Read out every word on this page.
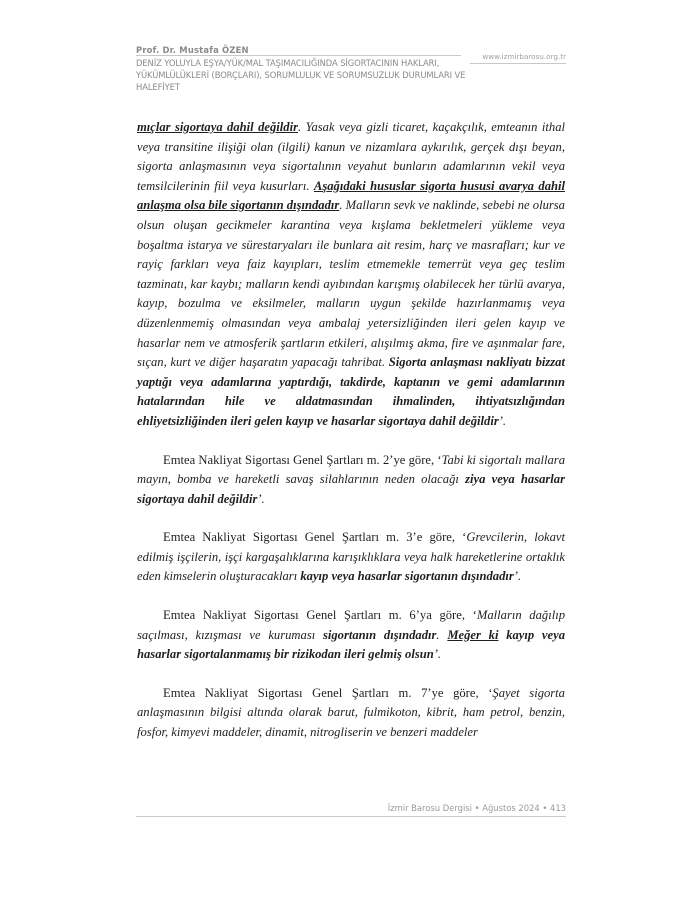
Prof. Dr. Mustafa ÖZEN
www.izmirbarosu.org.tr
DENİZ YOLUYLA EŞYA/YÜK/MAL TAŞIMACILIĞINDA SİGORTACININ HAKLARI, YÜKÜMLÜLÜKLERİ (BORÇLARI), SORUMLULUK VE SORUMSUZLUK DURUMLARI VE HALEFİYET

mıçlar sigortaya dahil değildir. Yasak veya gizli ticaret, kaçakçılık, emteanın ithal veya transitine ilişiği olan (ilgili) kanun ve nizamlara aykırılık, gerçek dışı beyan, sigorta anlaşmasının veya sigortalının veyahut bunların adamlarının vekil veya temsilcilerinin fiil veya kusurları. Aşağıdaki hususlar sigorta hususi avarya dahil anlaşma olsa bile sigortanın dışındadır. Malların sevk ve naklinde, sebebi ne olursa olsun oluşan gecikmeler karantina veya kışlama bekletmeleri yükleme veya boşaltma istarya ve sürestaryaları ile bunlara ait resim, harç ve masrafları; kur ve rayiç farkları veya faiz kayıpları, teslim etmemekle temerrüt veya geç teslim tazminatı, kar kaybı; malların kendi ayıbından karışmış olabilecek her türlü avarya, kayıp, bozulma ve eksilmeler, malların uygun şekilde hazırlanmamış veya düzenlenmemiş olmasından veya ambalaj yetersizliğinden ileri gelen kayıp ve hasarlar nem ve atmosferik şartların etkileri, alışılmış akma, fire ve aşınmalar fare, sıçan, kurt ve diğer haşaratın yapacağı tahribat. Sigorta anlaşması nakliyatı bizzat yaptığı veya adamlarına yaptırdığı, takdirde, kaptanın ve gemi adamlarının hatalarından hile ve aldatmasından ihmalinden, ihtiyatsızlığından ehliyetsizliğinden ileri gelen kayıp ve hasarlar sigortaya dahil değildir’.

Emtea Nakliyat Sigortası Genel Şartları m. 2’ye göre, ‘Tabi ki sigortalı mallara mayın, bomba ve hareketli savaş silahlarının neden olacağı ziya veya hasarlar sigortaya dahil değildir’.

Emtea Nakliyat Sigortası Genel Şartları m. 3’e göre, ‘Grevcilerin, lokavt edilmiş işçilerin, işçi kargaşalıklarına karışıklıklara veya halk hareketlerine ortaklık eden kimselerin oluşturacakları kayıp veya hasarlar sigortanın dışındadır’.

Emtea Nakliyat Sigortası Genel Şartları m. 6’ya göre, ‘Malların dağılıp saçılması, kızışması ve kuruması sigortanın dışındadır. Meğer ki kayıp veya hasarlar sigortalanmamış bir rizikodan ileri gelmiş olsun’.

Emtea Nakliyat Sigortası Genel Şartları m. 7’ye göre, ‘Şayet sigorta anlaşmasının bilgisi altında olarak barut, fulmikoton, kibrit, ham petrol, benzin, fosfor, kimyevi maddeler, dinamit, nitrogliserin ve benzeri maddeler

İzmir Barosu Dergisi • Ağustos 2024 • 413
